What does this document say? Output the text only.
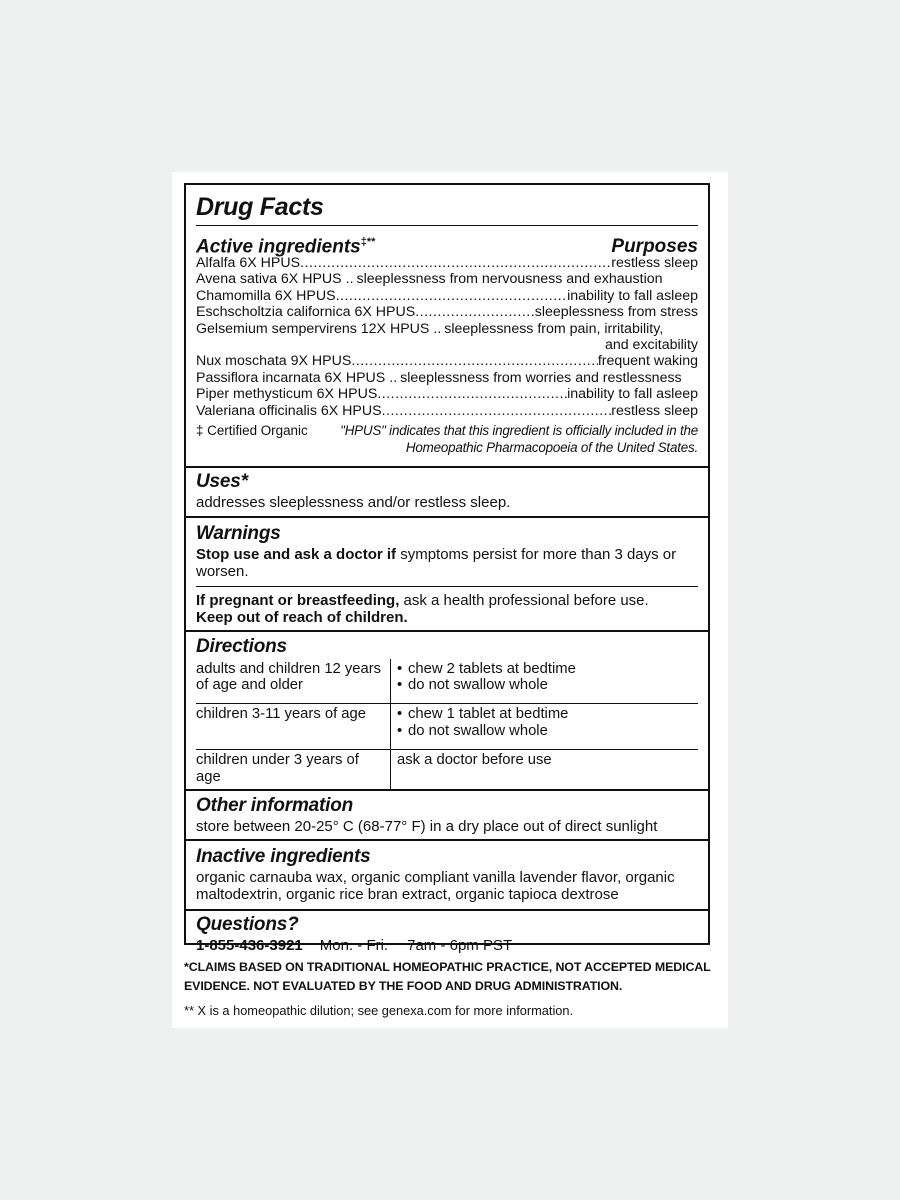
Drug Facts
Active ingredients‡**	Purposes
Alfalfa 6X HPUS .....	restless sleep
Avena sativa 6X HPUS .. sleeplessness from nervousness and exhaustion
Chamomilla 6X HPUS .....	inability to fall asleep
Eschscholtzia californica 6X HPUS .....	sleeplessness from stress
Gelsemium sempervirens 12X HPUS .. sleeplessness from pain, irritability,
and excitability
Nux moschata 9X HPUS .....	frequent waking
Passiflora incarnata 6X HPUS .. sleeplessness from worries and restlessness
Piper methysticum 6X HPUS .....	inability to fall asleep
Valeriana officinalis 6X HPUS .....	restless sleep
‡ Certified Organic	"HPUS" indicates that this ingredient is officially included in the Homeopathic Pharmacopoeia of the United States.
Uses*
addresses sleeplessness and/or restless sleep.
Warnings
Stop use and ask a doctor if symptoms persist for more than 3 days or worsen.
If pregnant or breastfeeding, ask a health professional before use.
Keep out of reach of children.
Directions
adults and children 12 years of age and older	• chew 2 tablets at bedtime
• do not swallow whole

children 3-11 years of age	• chew 1 tablet at bedtime
• do not swallow whole

children under 3 years of age	ask a doctor before use
Other information
store between 20-25° C (68-77° F) in a dry place out of direct sunlight
Inactive ingredients
organic carnauba wax, organic compliant vanilla lavender flavor, organic maltodextrin, organic rice bran extract, organic tapioca dextrose
Questions?
1-855-436-3921 Mon. - Fri. 7am - 6pm PST
*CLAIMS BASED ON TRADITIONAL HOMEOPATHIC PRACTICE, NOT ACCEPTED MEDICAL EVIDENCE. NOT EVALUATED BY THE FOOD AND DRUG ADMINISTRATION.
** X is a homeopathic dilution; see genexa.com for more information.
